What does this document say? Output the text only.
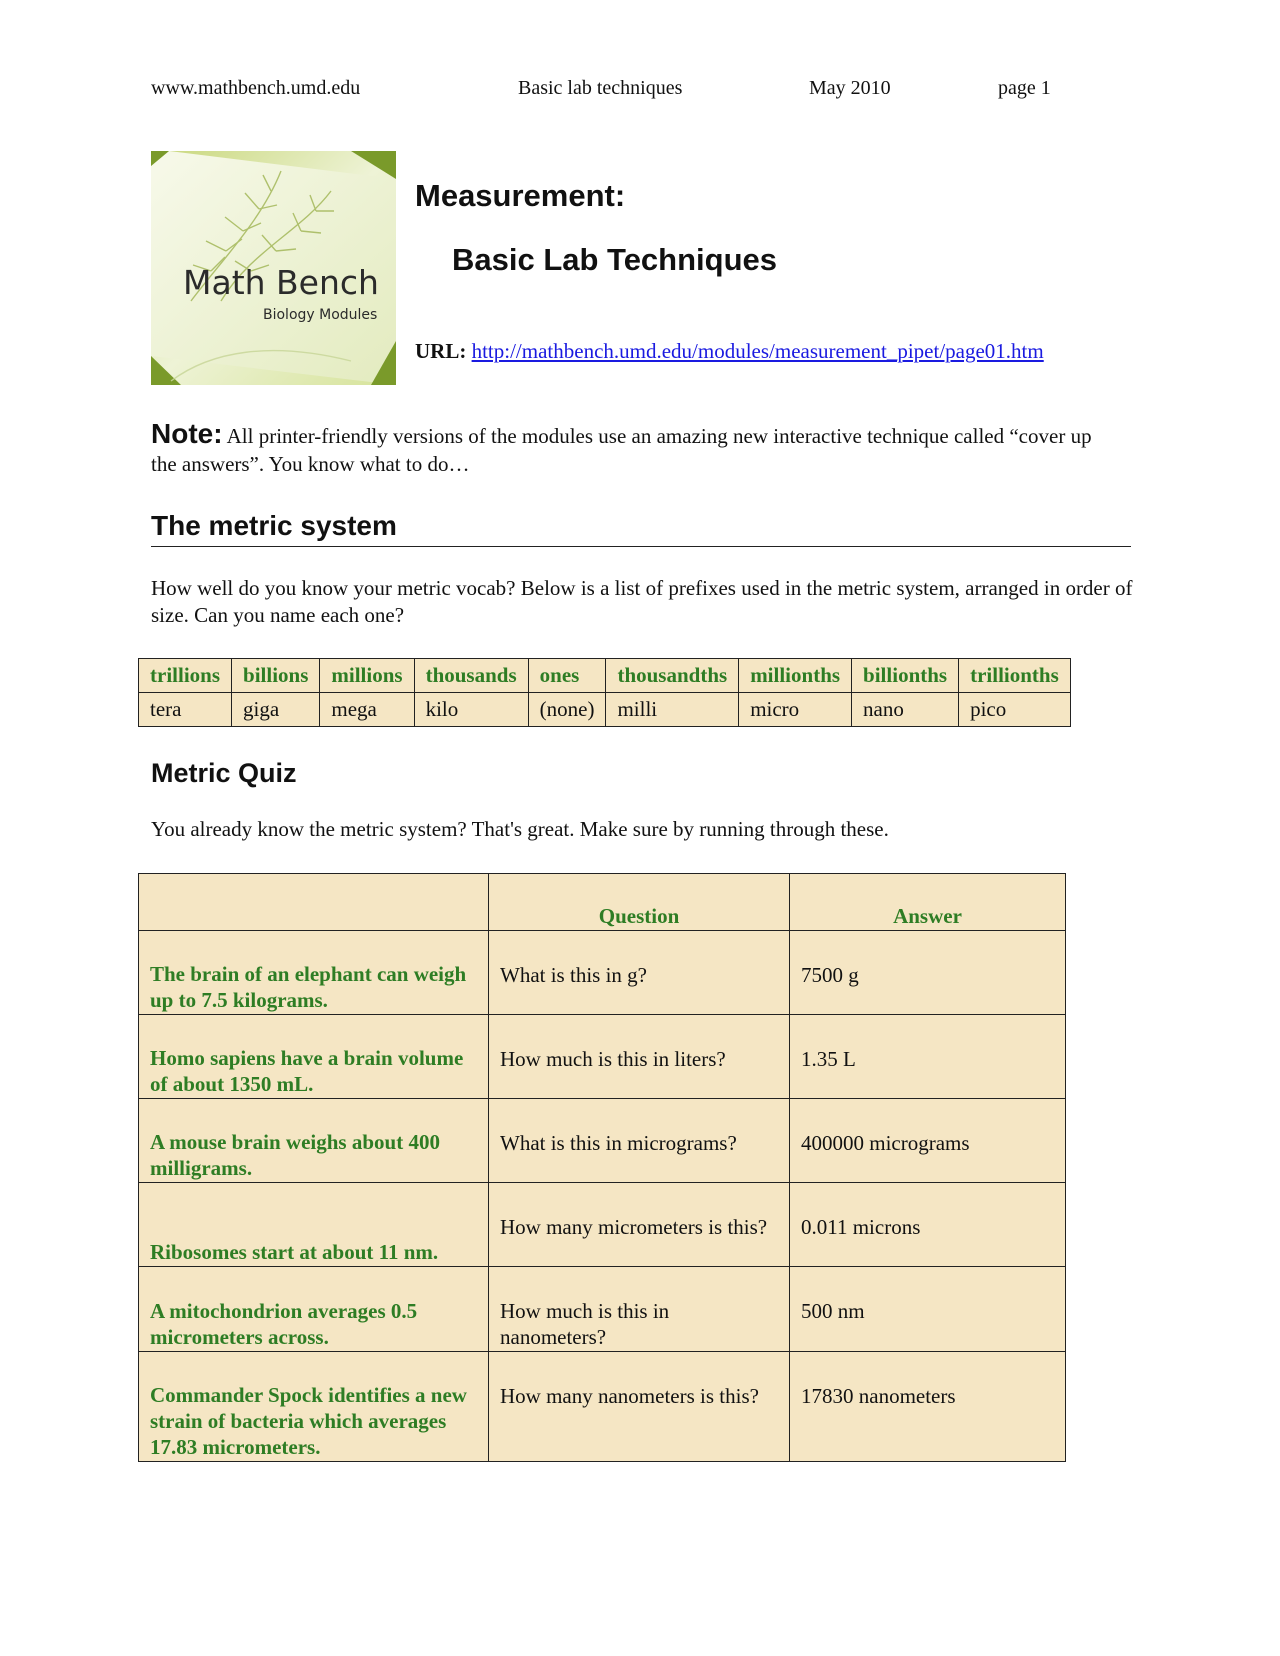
www.mathbench.umd.edu	Basic lab techniques	May 2010	page 1
Math Bench
Biology Modules
Measurement:
Basic Lab Techniques
URL: http://mathbench.umd.edu/modules/measurement_pipet/page01.htm
Note: All printer-friendly versions of the modules use an amazing new interactive technique called “cover up the answers”. You know what to do…
The metric system
How well do you know your metric vocab? Below is a list of prefixes used in the metric system, arranged in order of size. Can you name each one?
trillions	billions	millions	thousands	ones	thousandths	millionths	billionths	trillionths
tera	giga	mega	kilo	(none)	milli	micro	nano	pico
Metric Quiz
You already know the metric system? That's great. Make sure by running through these.
	Question	Answer
The brain of an elephant can weigh up to 7.5 kilograms.	What is this in g?	7500 g

Homo sapiens have a brain volume of about 1350 mL.	How much is this in liters?	1.35 L

A mouse brain weighs about 400 milligrams.	What is this in micrograms?	400000 micrograms

Ribosomes start at about 11 nm.	How many micrometers is this?	0.011 microns

A mitochondrion averages 0.5 micrometers across.	How much is this in nanometers?	500 nm

Commander Spock identifies a new strain of bacteria which averages 17.83 micrometers.	How many nanometers is this?	17830 nanometers
